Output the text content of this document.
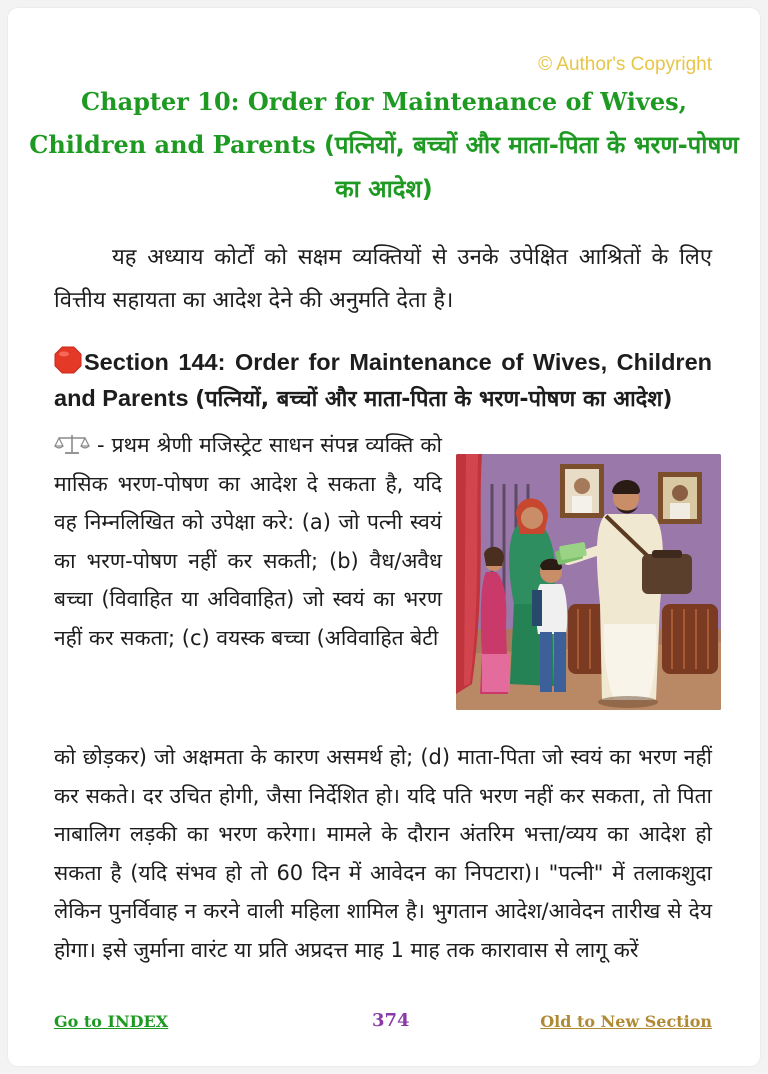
© Author's Copyright
Chapter 10: Order for Maintenance of Wives, Children and Parents (पत्नियों, बच्चों और माता-पिता के भरण-पोषण का आदेश)
यह अध्याय कोर्टों को सक्षम व्यक्तियों से उनके उपेक्षित आश्रितों के लिए वित्तीय सहायता का आदेश देने की अनुमति देता है।
Section 144: Order for Maintenance of Wives, Children and Parents (पत्नियों, बच्चों और माता-पिता के भरण-पोषण का आदेश)
- प्रथम श्रेणी मजिस्ट्रेट साधन संपन्न व्यक्ति को मासिक भरण-पोषण का आदेश दे सकता है, यदि वह निम्नलिखित को उपेक्षा करे: (a) जो पत्नी स्वयं का भरण-पोषण नहीं कर सकती; (b) वैध/अवैध बच्चा (विवाहित या अविवाहित) जो स्वयं का भरण नहीं कर सकता; (c) वयस्क बच्चा (अविवाहित बेटी
को छोड़कर) जो अक्षमता के कारण असमर्थ हो; (d) माता-पिता जो स्वयं का भरण नहीं कर सकते। दर उचित होगी, जैसा निर्देशित हो। यदि पति भरण नहीं कर सकता, तो पिता नाबालिग लड़की का भरण करेगा। मामले के दौरान अंतरिम भत्ता/व्यय का आदेश हो सकता है (यदि संभव हो तो 60 दिन में आवेदन का निपटारा)। "पत्नी" में तलाकशुदा लेकिन पुनर्विवाह न करने वाली महिला शामिल है। भुगतान आदेश/आवेदन तारीख से देय होगा। इसे जुर्माना वारंट या प्रति अप्रदत्त माह 1 माह तक कारावास से लागू करें
Go to INDEX	374	Old to New Section
